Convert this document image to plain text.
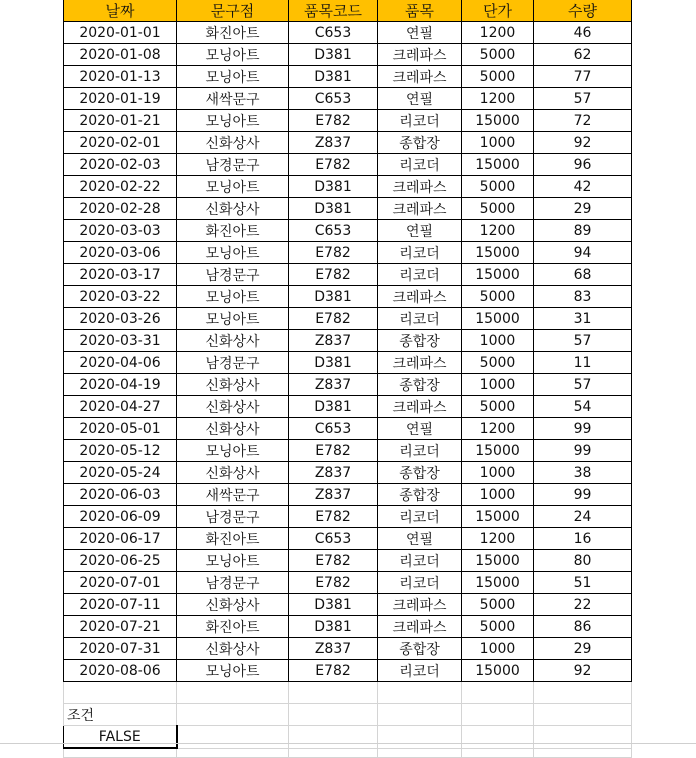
날짜	문구점	품목코드	품목	단가	수량
2020-01-01	화진아트	C653	연필	1200	46
2020-01-08	모닝아트	D381	크레파스	5000	62
2020-01-13	모닝아트	D381	크레파스	5000	77
2020-01-19	새싹문구	C653	연필	1200	57
2020-01-21	모닝아트	E782	리코더	15000	72
2020-02-01	신화상사	Z837	종합장	1000	92
2020-02-03	남경문구	E782	리코더	15000	96
2020-02-22	모닝아트	D381	크레파스	5000	42
2020-02-28	신화상사	D381	크레파스	5000	29
2020-03-03	화진아트	C653	연필	1200	89
2020-03-06	모닝아트	E782	리코더	15000	94
2020-03-17	남경문구	E782	리코더	15000	68
2020-03-22	모닝아트	D381	크레파스	5000	83
2020-03-26	모닝아트	E782	리코더	15000	31
2020-03-31	신화상사	Z837	종합장	1000	57
2020-04-06	남경문구	D381	크레파스	5000	11
2020-04-19	신화상사	Z837	종합장	1000	57
2020-04-27	신화상사	D381	크레파스	5000	54
2020-05-01	신화상사	C653	연필	1200	99
2020-05-12	모닝아트	E782	리코더	15000	99
2020-05-24	신화상사	Z837	종합장	1000	38
2020-06-03	새싹문구	Z837	종합장	1000	99
2020-06-09	남경문구	E782	리코더	15000	24
2020-06-17	화진아트	C653	연필	1200	16
2020-06-25	모닝아트	E782	리코더	15000	80
2020-07-01	남경문구	E782	리코더	15000	51
2020-07-11	신화상사	D381	크레파스	5000	22
2020-07-21	화진아트	D381	크레파스	5000	86
2020-07-31	신화상사	Z837	종합장	1000	29
2020-08-06	모닝아트	E782	리코더	15000	92

조건					
FALSE					
